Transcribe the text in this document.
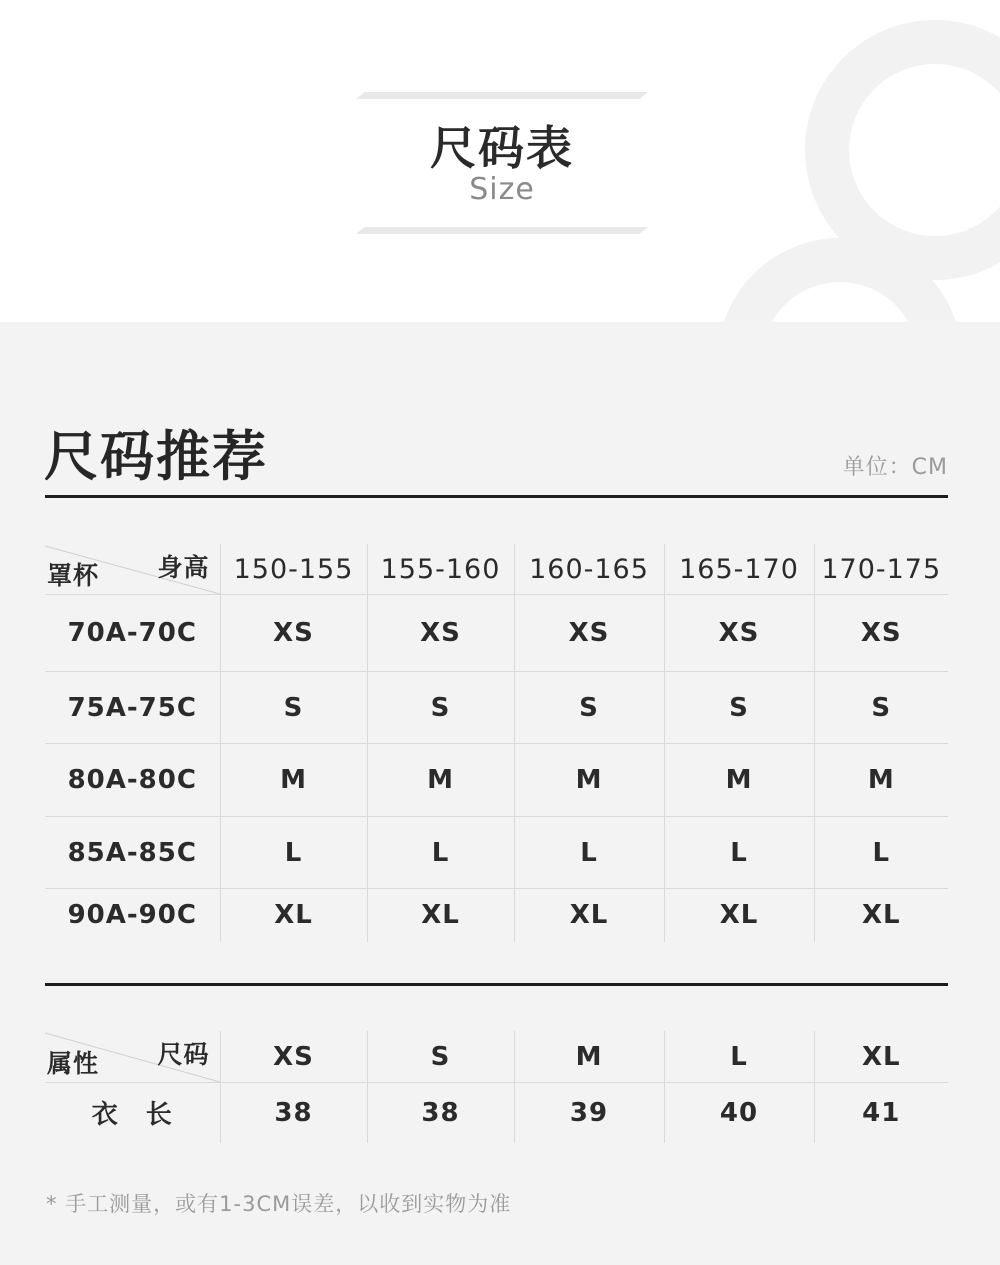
尺码表
Size
尺码推荐	单位：CM
身高
罩杯	150-155	155-160	160-165	165-170	170-175
70A-70C	XS	XS	XS	XS	XS
75A-75C	S	S	S	S	S
80A-80C	M	M	M	M	M
85A-85C	L	L	L	L	L
90A-90C	XL	XL	XL	XL	XL
尺码
属性	XS	S	M	L	XL
衣　长	38	38	39	40	41
* 手工测量，或有1-3CM误差，以收到实物为准
